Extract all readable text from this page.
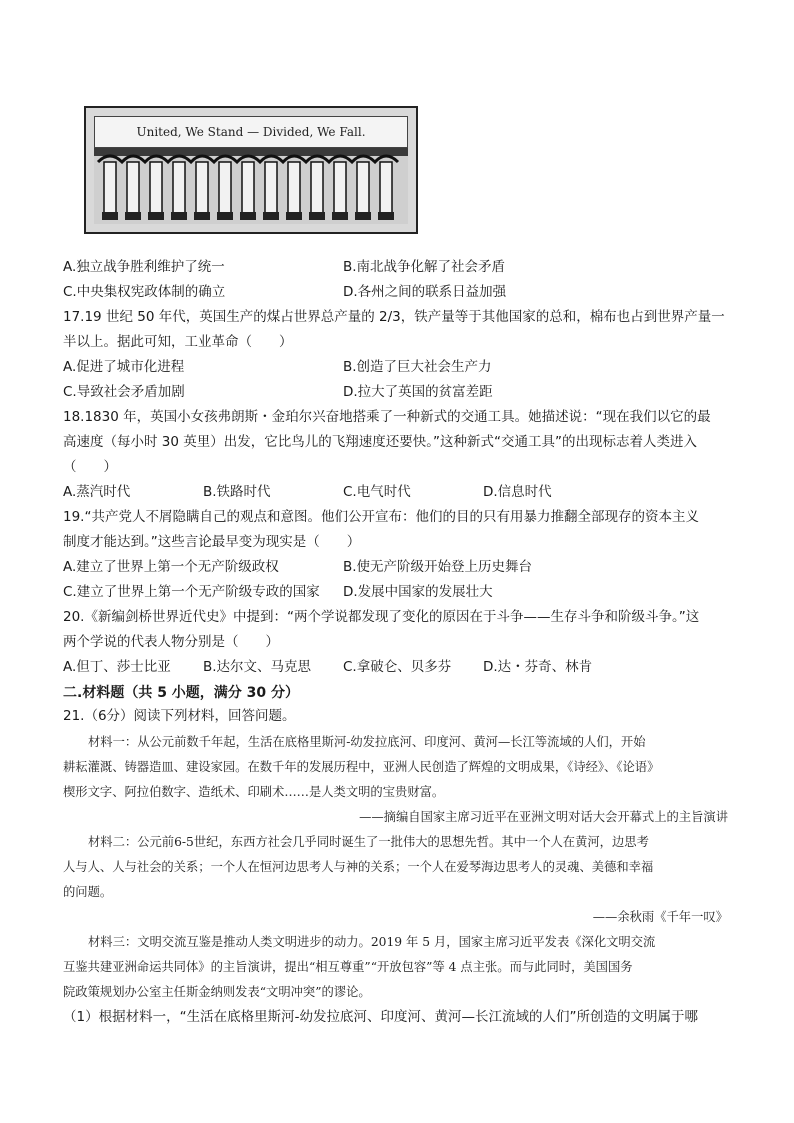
United, We Stand — Divided, We Fall.
A.独立战争胜利维护了统一	B.南北战争化解了社会矛盾
C.中央集权宪政体制的确立	D.各州之间的联系日益加强
17.19 世纪 50 年代，英国生产的煤占世界总产量的 2/3，铁产量等于其他国家的总和，棉布也占到世界产量一
半以上。据此可知，工业革命（　　）
A.促进了城市化进程	B.创造了巨大社会生产力
C.导致社会矛盾加剧	D.拉大了英国的贫富差距
18.1830 年，英国小女孩弗朗斯・金珀尔兴奋地搭乘了一种新式的交通工具。她描述说：“现在我们以它的最
高速度（每小时 30 英里）出发，它比鸟儿的飞翔速度还要快。”这种新式“交通工具”的出现标志着人类进入
（　　）
A.蒸汽时代	B.铁路时代	C.电气时代	D.信息时代
19.“共产党人不屑隐瞒自己的观点和意图。他们公开宣布：他们的目的只有用暴力推翻全部现存的资本主义
制度才能达到。”这些言论最早变为现实是（　　）
A.建立了世界上第一个无产阶级政权	B.使无产阶级开始登上历史舞台
C.建立了世界上第一个无产阶级专政的国家 D.发展中国家的发展壮大
20.《新编剑桥世界近代史》中提到：“两个学说都发现了变化的原因在于斗争——生存斗争和阶级斗争。”这
两个学说的代表人物分别是（　　）
A.但丁、莎士比亚 B.达尔文、马克思 C.拿破仑、贝多芬 D.达・芬奇、林肯
二.材料题（共 5 小题，满分 30 分）
21.（6分）阅读下列材料，回答问题。
材料一：从公元前数千年起，生活在底格里斯河-幼发拉底河、印度河、黄河—长江等流域的人们，开始
耕耘灌溉、铸器造皿、建设家园。在数千年的发展历程中，亚洲人民创造了辉煌的文明成果，《诗经》、《论语》
楔形文字、阿拉伯数字、造纸术、印刷术……是人类文明的宝贵财富。
——摘编自国家主席习近平在亚洲文明对话大会开幕式上的主旨演讲
材料二：公元前6-5世纪，东西方社会几乎同时诞生了一批伟大的思想先哲。其中一个人在黄河，边思考
人与人、人与社会的关系；一个人在恒河边思考人与神的关系；一个人在爱琴海边思考人的灵魂、美德和幸福
的问题。
——余秋雨《千年一叹》
材料三：文明交流互鉴是推动人类文明进步的动力。2019 年 5 月，国家主席习近平发表《深化文明交流
互鉴共建亚洲命运共同体》的主旨演讲，提出“相互尊重”“开放包容”等 4 点主张。而与此同时，美国国务
院政策规划办公室主任斯金纳则发表“文明冲突”的谬论。
（1）根据材料一，“生活在底格里斯河-幼发拉底河、印度河、黄河—长江流域的人们”所创造的文明属于哪
